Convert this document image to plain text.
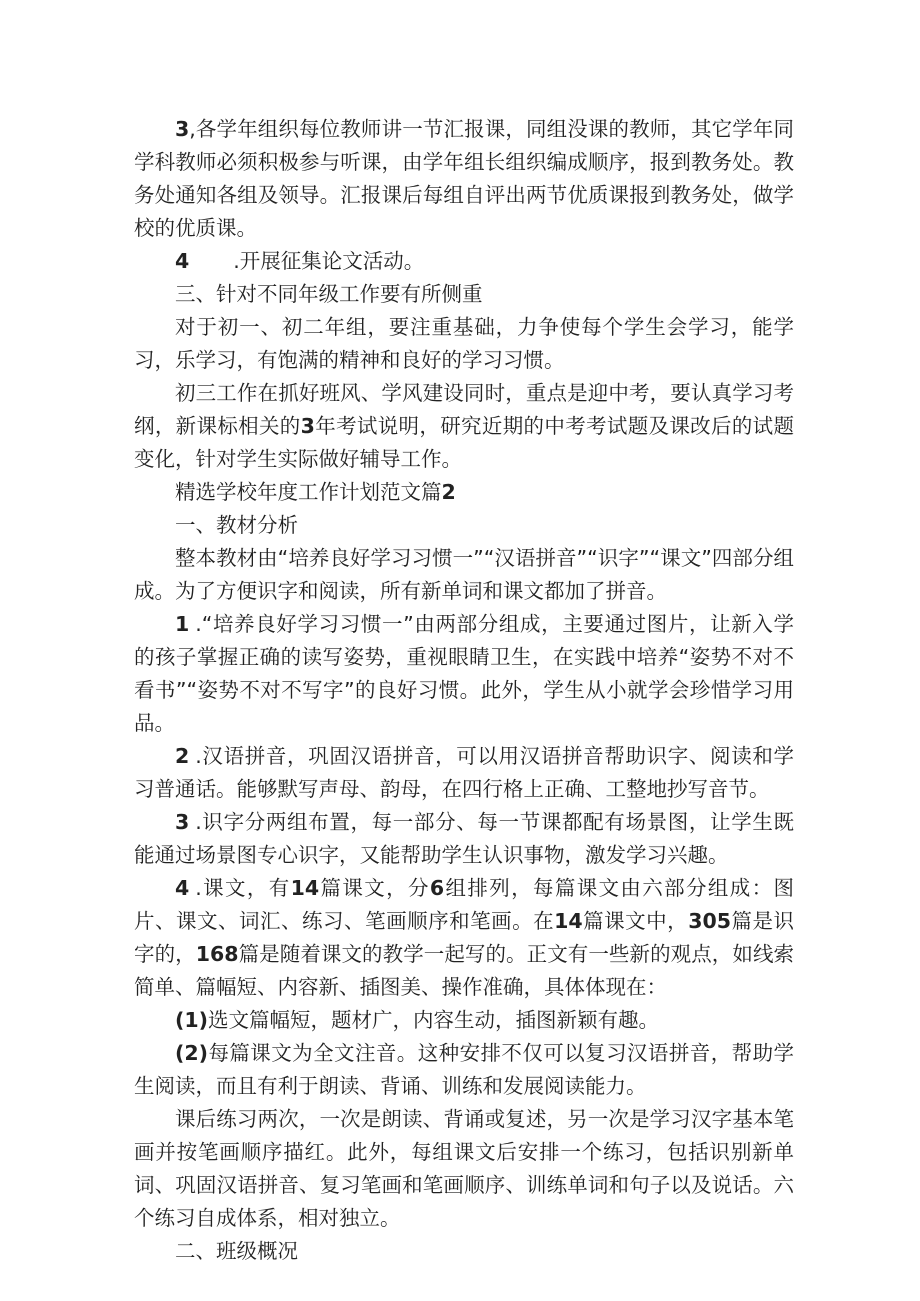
3,各学年组织每位教师讲一节汇报课，同组没课的教师，其它学年同学科教师必须积极参与听课，由学年组长组织编成顺序，报到教务处。教务处通知各组及领导。汇报课后每组自评出两节优质课报到教务处，做学校的优质课。

4 .开展征集论文活动。

三、针对不同年级工作要有所侧重

对于初一、初二年组，要注重基础，力争使每个学生会学习，能学习，乐学习，有饱满的精神和良好的学习习惯。

初三工作在抓好班风、学风建设同时，重点是迎中考，要认真学习考纲，新课标相关的3年考试说明，研究近期的中考考试题及课改后的试题变化，针对学生实际做好辅导工作。

精选学校年度工作计划范文篇2

一、教材分析

整本教材由“培养良好学习习惯一”“汉语拼音”“识字”“课文”四部分组成。为了方便识字和阅读，所有新单词和课文都加了拼音。

1 .“培养良好学习习惯一”由两部分组成，主要通过图片，让新入学的孩子掌握正确的读写姿势，重视眼睛卫生，在实践中培养“姿势不对不看书”“姿势不对不写字”的良好习惯。此外，学生从小就学会珍惜学习用品。

2 .汉语拼音，巩固汉语拼音，可以用汉语拼音帮助识字、阅读和学习普通话。能够默写声母、韵母，在四行格上正确、工整地抄写音节。

3 .识字分两组布置，每一部分、每一节课都配有场景图，让学生既能通过场景图专心识字，又能帮助学生认识事物，激发学习兴趣。

4 .课文，有14篇课文，分6组排列，每篇课文由六部分组成：图片、课文、词汇、练习、笔画顺序和笔画。在14篇课文中，305篇是识字的，168篇是随着课文的教学一起写的。正文有一些新的观点，如线索简单、篇幅短、内容新、插图美、操作准确，具体体现在：

(1)选文篇幅短，题材广，内容生动，插图新颖有趣。

(2)每篇课文为全文注音。这种安排不仅可以复习汉语拼音，帮助学生阅读，而且有利于朗读、背诵、训练和发展阅读能力。

课后练习两次，一次是朗读、背诵或复述，另一次是学习汉字基本笔画并按笔画顺序描红。此外，每组课文后安排一个练习，包括识别新单词、巩固汉语拼音、复习笔画和笔画顺序、训练单词和句子以及说话。六个练习自成体系，相对独立。

二、班级概况
